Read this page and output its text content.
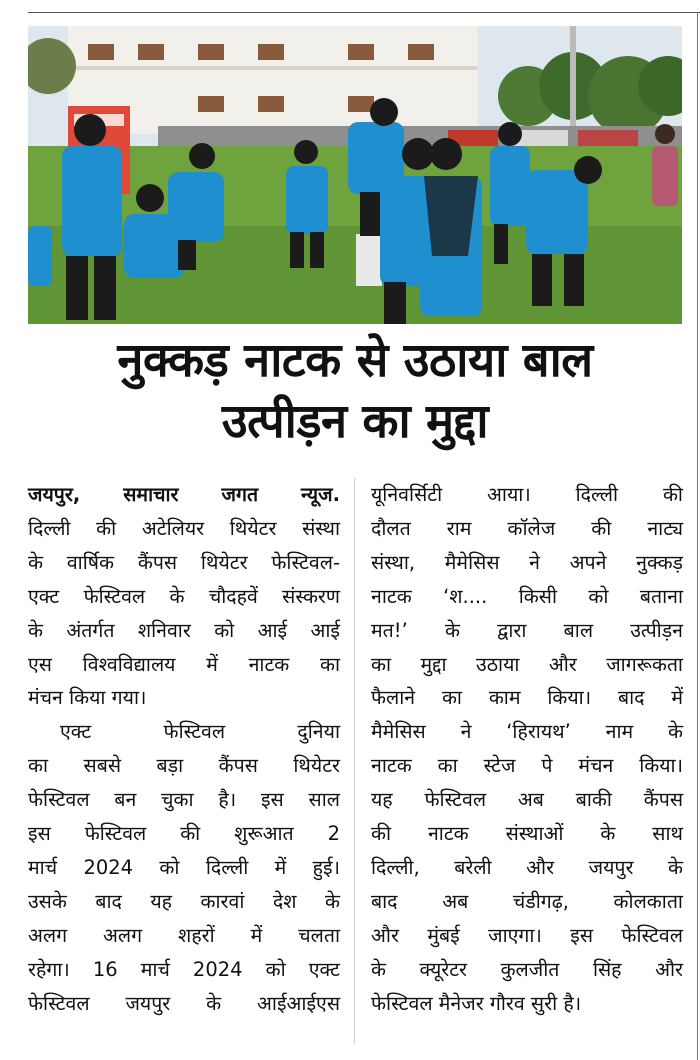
नुक्कड़ नाटक से उठाया बाल
उत्पीड़न का मुद्दा

जयपुर, समाचार जगत न्यूज.

दिल्ली की अटेलियर थियेटर संस्था

के वार्षिक कैंपस थियेटर फेस्टिवल-

एक्ट फेस्टिवल के चौदहवें संस्करण

के अंतर्गत शनिवार को आई आई

एस विश्वविद्यालय में नाटक का

मंचन किया गया।

एक्ट फेस्टिवल दुनिया

का सबसे बड़ा कैंपस थियेटर

फेस्टिवल बन चुका है। इस साल

इस फेस्टिवल की शुरूआत 2

मार्च 2024 को दिल्ली में हुई।

उसके बाद यह कारवां देश के

अलग अलग शहरों में चलता

रहेगा। 16 मार्च 2024 को एक्ट

फेस्टिवल जयपुर के आईआईएस

यूनिवर्सिटी आया। दिल्ली की

दौलत राम कॉलेज की नाट्य

संस्था, मैमेसिस ने अपने नुक्कड़

नाटक ‘श.... किसी को बताना

मत!’ के द्वारा बाल उत्पीड़न

का मुद्दा उठाया और जागरूकता

फैलाने का काम किया। बाद में

मैमेसिस ने ‘हिरायथ’ नाम के

नाटक का स्टेज पे मंचन किया।

यह फेस्टिवल अब बाकी कैंपस

की नाटक संस्थाओं के साथ

दिल्ली, बरेली और जयपुर के

बाद अब चंडीगढ़, कोलकाता

और मुंबई जाएगा। इस फेस्टिवल

के क्यूरेटर कुलजीत सिंह और

फेस्टिवल मैनेजर गौरव सुरी है।
